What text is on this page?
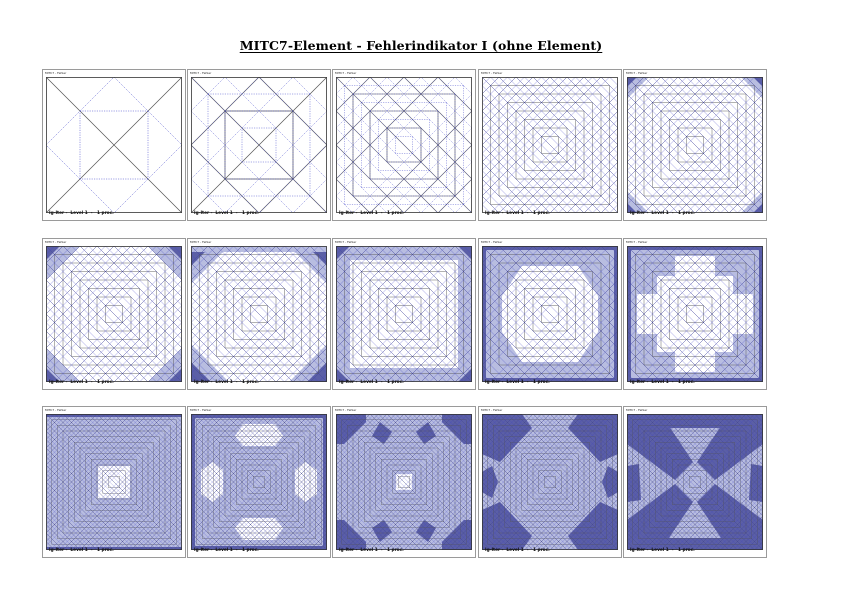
MITC7-Element - Fehlerindikator I (ohne Element)
MITC7 - Fehler
Ig-Iter -  Level 1  -   1 proc.
MITC7 - Fehler
Ig-Iter -  Level 1  -   1 proc.
MITC7 - Fehler
Ig-Iter -  Level 1  -   1 proc.
MITC7 - Fehler
Ig-Iter -  Level 1  -   1 proc.
MITC7 - Fehler
Ig-Iter -  Level 1  -   1 proc.
MITC7 - Fehler
Ig-Iter -  Level 1  -   1 proc.
MITC7 - Fehler
Ig-Iter -  Level 1  -   1 proc.
MITC7 - Fehler
Ig-Iter -  Level 1  -   1 proc.
MITC7 - Fehler
Ig-Iter -  Level 1  -   1 proc.
MITC7 - Fehler
Ig-Iter -  Level 1  -   1 proc.
MITC7 - Fehler
Ig-Iter -  Level 1  -   1 proc.
MITC7 - Fehler
Ig-Iter -  Level 1  -   1 proc.
MITC7 - Fehler
Ig-Iter -  Level 1  -   1 proc.
MITC7 - Fehler
Ig-Iter -  Level 1  -   1 proc.
MITC7 - Fehler
Ig-Iter -  Level 1  -   1 proc.
